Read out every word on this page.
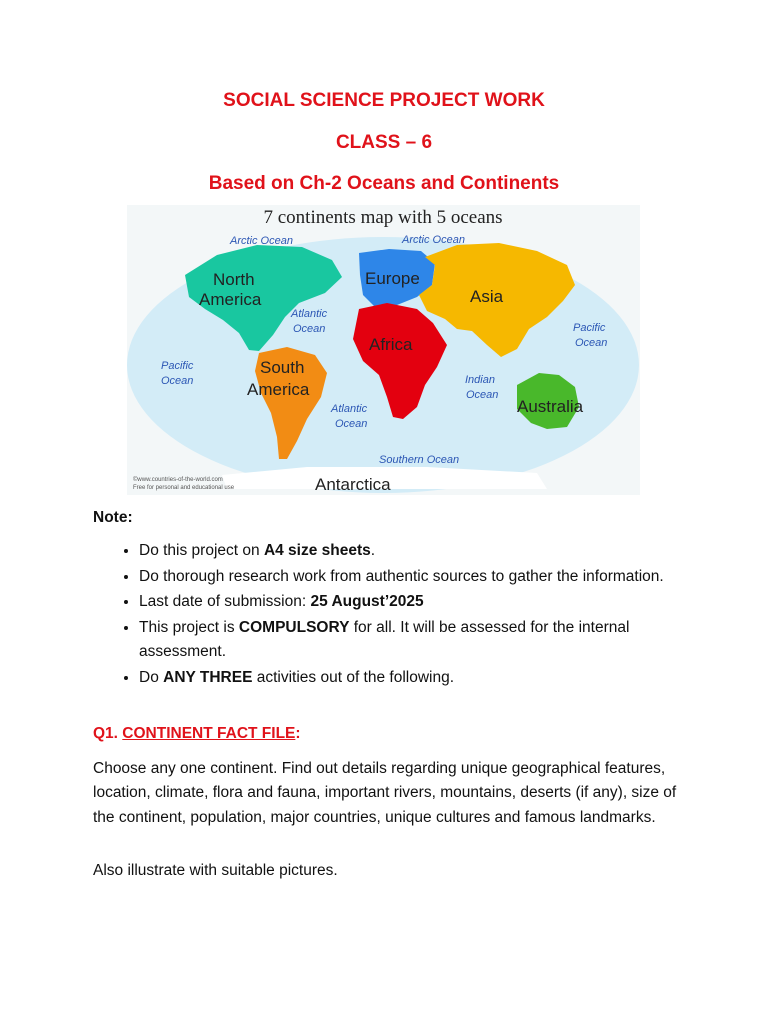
SOCIAL SCIENCE PROJECT WORK
CLASS – 6
Based on Ch-2 Oceans and Continents
7 continents map with 5 oceans
North
America
South
America
Europe
Asia
Africa
Australia
Antarctica
Arctic Ocean	Arctic Ocean
Atlantic
Ocean
Atlantic
Ocean
Pacific
Ocean
Pacific
Ocean
Indian
Ocean
Southern Ocean
©www.countries-of-the-world.com
Free for personal and educational use
Note:
• Do this project on A4 size sheets.
• Do thorough research work from authentic sources to gather the information.
• Last date of submission: 25 August’2025
• This project is COMPULSORY for all. It will be assessed for the internal assessment.
• Do ANY THREE activities out of the following.
Q1. CONTINENT FACT FILE:

Choose any one continent. Find out details regarding unique geographical features, location, climate, flora and fauna, important rivers, mountains, deserts (if any), size of the continent, population, major countries, unique cultures and famous landmarks.

Also illustrate with suitable pictures.
